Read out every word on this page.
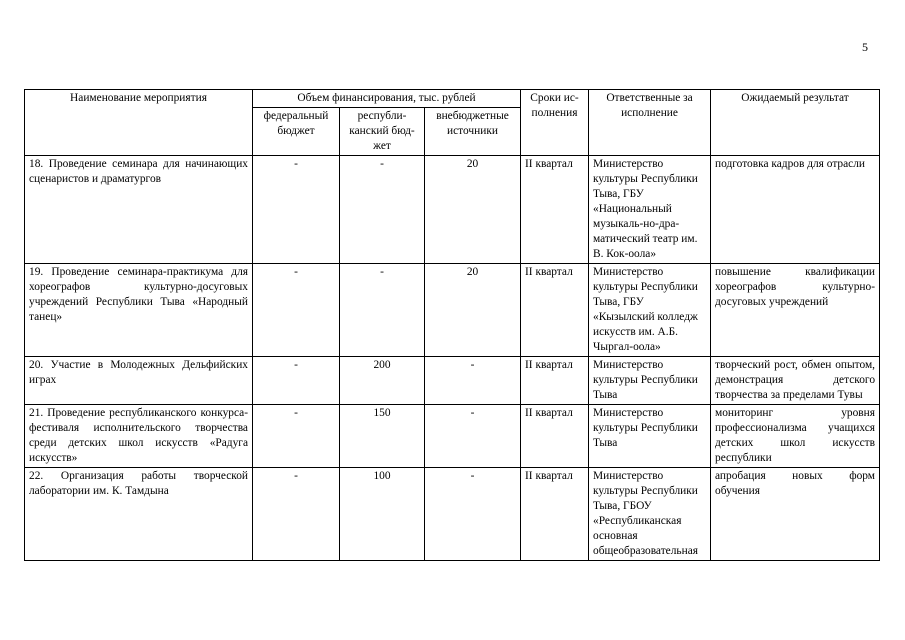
5
Наименование мероприятия	Объем финансирования, тыс. рублей			Сроки ис-полнения	Ответственные за исполнение	Ожидаемый результат
	федеральный бюджет	республи-канский бюд-жет	внебюджетные источники			
18. Проведение семинара для начинающих сценаристов и драматургов	-	-	20	II квартал	Министерство культуры Республики Тыва, ГБУ «Национальный музыкаль-но-дра-матический театр им. В. Кок-оола»	подготовка кадров для отрасли
19. Проведение семинара-практикума для хореографов культурно-досуговых учреждений Республики Тыва «Народный танец»	-	-	20	II квартал	Министерство культуры Республики Тыва, ГБУ «Кызылский колледж искусств им. А.Б. Чыргал-оола»	повышение квалификации хореографов культурно-досуговых учреждений
20. Участие в Молодежных Дельфийских играх	-	200	-	II квартал	Министерство культуры Республики Тыва	творческий рост, обмен опытом, демонстрация детского творчества за пределами Тувы
21. Проведение республиканского конкурса-фестиваля исполнительского творчества среди детских школ искусств «Радуга искусств»	-	150	-	II квартал	Министерство культуры Республики Тыва	мониторинг уровня профессионализма учащихся детских школ искусств республики
22. Организация работы творческой лаборатории им. К. Тамдына	-	100	-	II квартал	Министерство культуры Республики Тыва, ГБОУ «Республиканская основная общеобразовательная	апробация новых форм обучения
